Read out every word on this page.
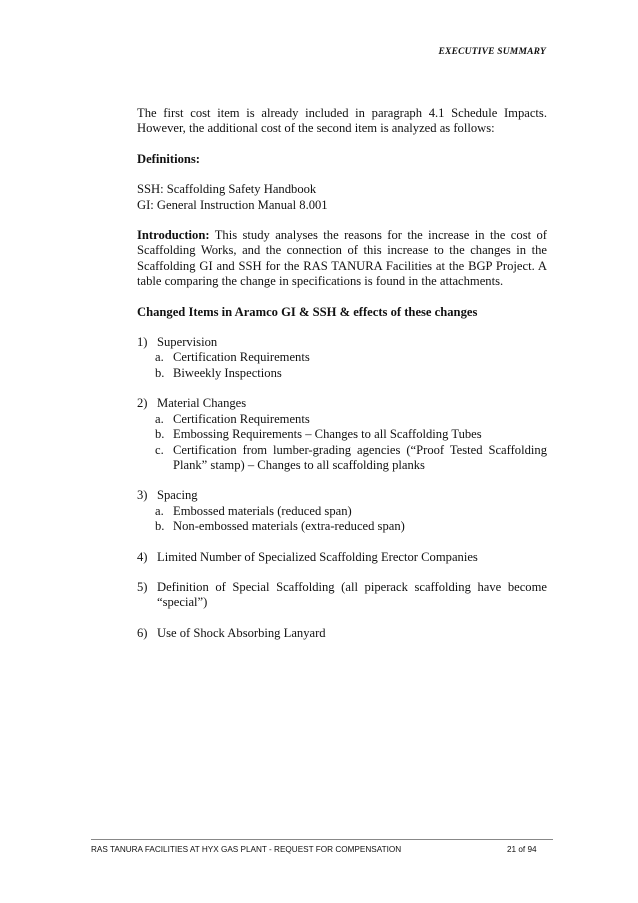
EXECUTIVE SUMMARY

The first cost item is already included in paragraph 4.1 Schedule Impacts. However, the additional cost of the second item is analyzed as follows:

Definitions:

SSH: Scaffolding Safety Handbook

GI: General Instruction Manual 8.001

Introduction: This study analyses the reasons for the increase in the cost of Scaffolding Works, and the connection of this increase to the changes in the Scaffolding GI and SSH for the RAS TANURA Facilities at the BGP Project. A table comparing the change in specifications is found in the attachments.

Changed Items in Aramco GI & SSH & effects of these changes

1) Supervision
a. Certification Requirements
b. Biweekly Inspections
2) Material Changes
a. Certification Requirements
b. Embossing Requirements – Changes to all Scaffolding Tubes
c. Certification from lumber-grading agencies (“Proof Tested Scaffolding Plank” stamp) – Changes to all scaffolding planks
3) Spacing
a. Embossed materials (reduced span)
b. Non-embossed materials (extra-reduced span)
4) Limited Number of Specialized Scaffolding Erector Companies
5) Definition of Special Scaffolding (all piperack scaffolding have become “special”)
6) Use of Shock Absorbing Lanyard
RAS TANURA FACILITIES AT HYX GAS PLANT - REQUEST FOR COMPENSATION	21 of 94
